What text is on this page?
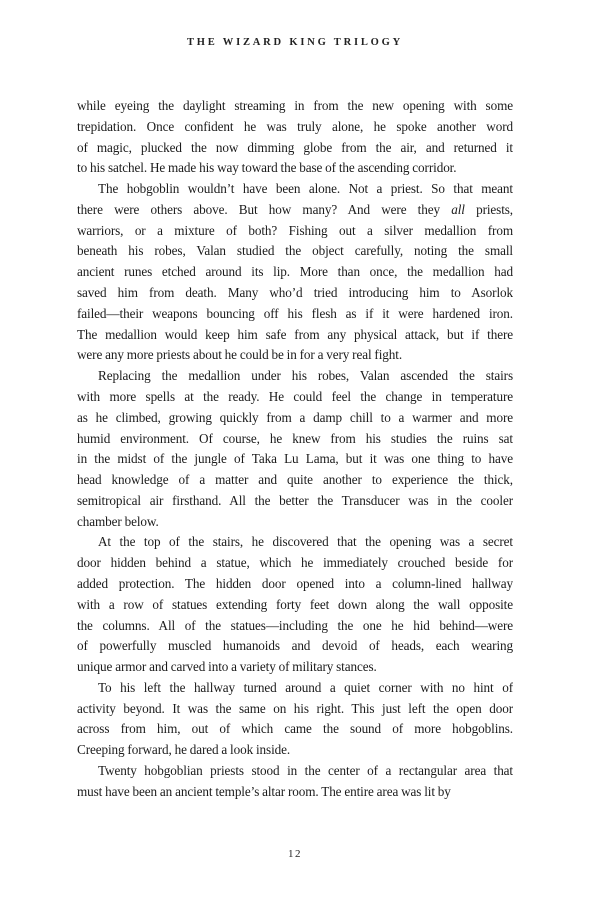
THE WIZARD KING TRILOGY
while eyeing the daylight streaming in from the new opening with some
trepidation. Once confident he was truly alone, he spoke another word
of magic, plucked the now dimming globe from the air, and returned it
to his satchel. He made his way toward the base of the ascending corridor.
The hobgoblin wouldn’t have been alone. Not a priest. So that meant
there were others above. But how many? And were they all priests,
warriors, or a mixture of both? Fishing out a silver medallion from
beneath his robes, Valan studied the object carefully, noting the small
ancient runes etched around its lip. More than once, the medallion had
saved him from death. Many who’d tried introducing him to Asorlok
failed—their weapons bouncing off his flesh as if it were hardened iron.
The medallion would keep him safe from any physical attack, but if there
were any more priests about he could be in for a very real fight.
Replacing the medallion under his robes, Valan ascended the stairs
with more spells at the ready. He could feel the change in temperature
as he climbed, growing quickly from a damp chill to a warmer and more
humid environment. Of course, he knew from his studies the ruins sat
in the midst of the jungle of Taka Lu Lama, but it was one thing to have
head knowledge of a matter and quite another to experience the thick,
semitropical air firsthand. All the better the Transducer was in the cooler
chamber below.
At the top of the stairs, he discovered that the opening was a secret
door hidden behind a statue, which he immediately crouched beside for
added protection. The hidden door opened into a column-lined hallway
with a row of statues extending forty feet down along the wall opposite
the columns. All of the statues—including the one he hid behind—were
of powerfully muscled humanoids and devoid of heads, each wearing
unique armor and carved into a variety of military stances.
To his left the hallway turned around a quiet corner with no hint of
activity beyond. It was the same on his right. This just left the open door
across from him, out of which came the sound of more hobgoblins.
Creeping forward, he dared a look inside.
Twenty hobgoblian priests stood in the center of a rectangular area that
must have been an ancient temple’s altar room. The entire area was lit by
12
